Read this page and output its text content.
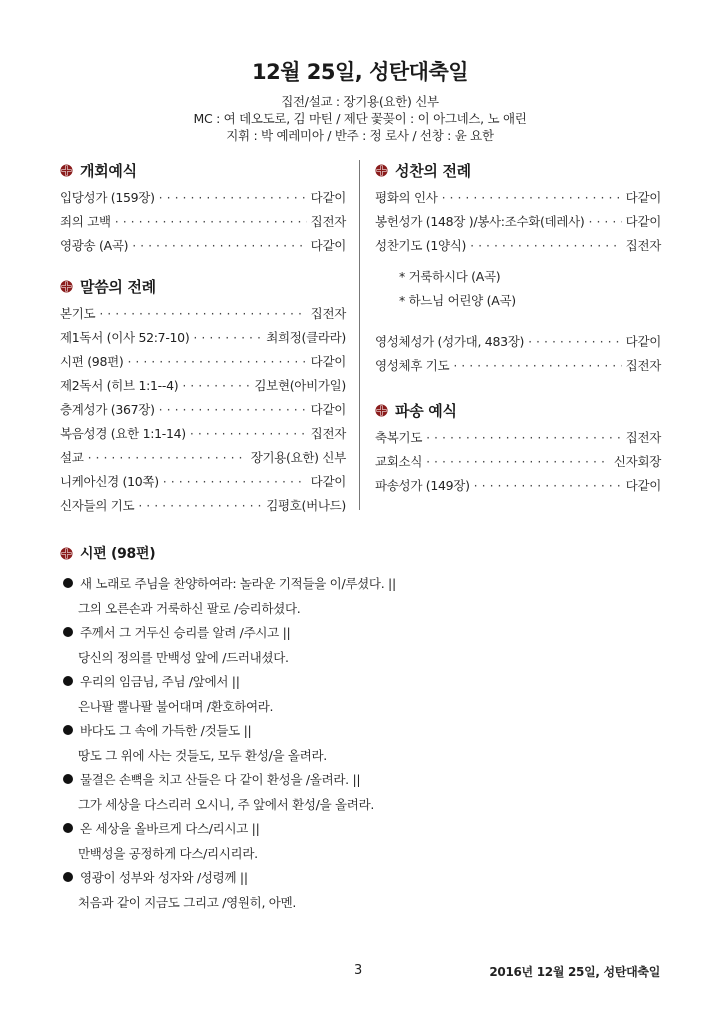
12월 25일, 성탄대축일
집전/설교 : 장기용(요한) 신부
MC : 여 데오도로, 김 마틴 / 제단 꽃꽂이 : 이 아그네스, 노 애린
지휘 : 박 예레미아 / 반주 : 정 로사 / 선창 : 윤 요한
개회예식
입당성가 (159장) · · ·	다같이
죄의 고백 · · ·	집전자
영광송 (A곡) · · ·	다같이
말씀의 전례
본기도 · · ·	집전자
제1독서 (이사 52:7-10) · · ·	최희정(클라라)
시편 (98편) · · ·	다같이
제2독서 (히브 1:1--4) · · ·	김보현(아비가일)
층계성가 (367장) · · ·	다같이
복음성경 (요한 1:1-14) · · ·	집전자
설교 · · ·	장기용(요한) 신부
니케아신경 (10쪽) · · ·	다같이
신자들의 기도 · · ·	김평호(버나드)
성찬의 전례
평화의 인사 · · ·	다같이
봉헌성가 (148장 )/봉사:조수화(데레사) · · ·	다같이
성찬기도 (1양식) · · ·	집전자
* 거룩하시다 (A곡)
* 하느님 어린양 (A곡)
영성체성가 (성가대, 483장) · · ·	다같이
영성체후 기도 · · ·	집전자
파송 예식
축복기도 · · ·	집전자
교회소식 · · ·	신자회장
파송성가 (149장) · · ·	다같이
시편 (98편)
새 노래로 주님을 찬양하여라: 놀라운 기적들을 이/루셨다. ||
그의 오른손과 거룩하신 팔로 /승리하셨다.
주께서 그 거두신 승리를 알려 /주시고 ||
당신의 정의를 만백성 앞에 /드러내셨다.
우리의 임금님, 주님 /앞에서 ||
은나팔 뿔나팔 불어대며 /환호하여라.
바다도 그 속에 가득한 /것들도 ||
땅도 그 위에 사는 것들도, 모두 환성/을 올려라.
물결은 손뼉을 치고 산들은 다 같이 환성을 /올려라. ||
그가 세상을 다스리러 오시니, 주 앞에서 환성/을 올려라.
온 세상을 올바르게 다스/리시고 ||
만백성을 공정하게 다스/리시리라.
영광이 성부와 성자와 /성령께 ||
처음과 같이 지금도 그리고 /영원히, 아멘.
3	2016년 12월 25일, 성탄대축일
